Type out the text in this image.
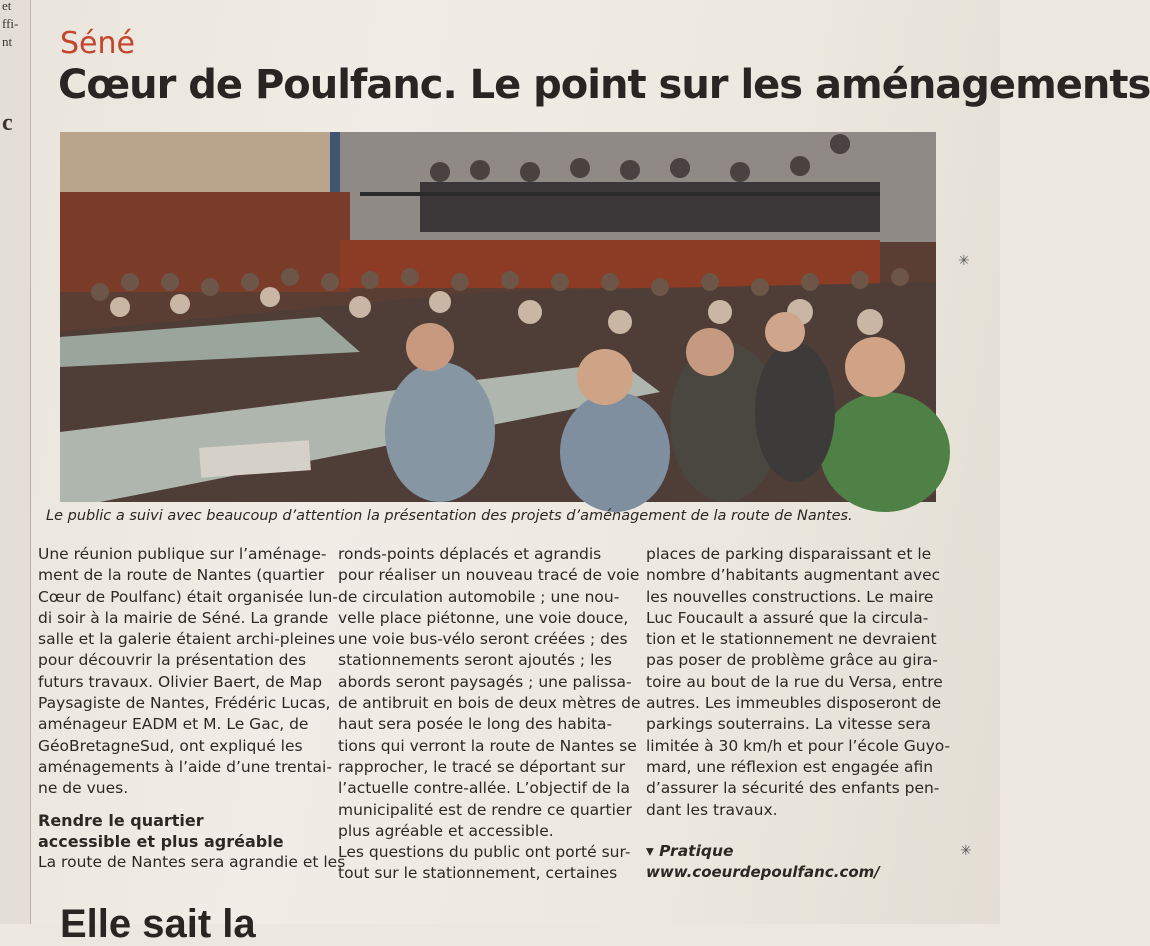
et
ffi-
nt
c
Séné
Cœur de Poulfanc. Le point sur les aménagements
Le public a suivi avec beaucoup d’attention la présentation des projets d’aménagement de la route de Nantes.
Une réunion publique sur l’aménage-
ment de la route de Nantes (quartier
Cœur de Poulfanc) était organisée lun-
di soir à la mairie de Séné. La grande
salle et la galerie étaient archi-pleines
pour découvrir la présentation des
futurs travaux. Olivier Baert, de Map
Paysagiste de Nantes, Frédéric Lucas,
aménageur EADM et M. Le Gac, de
GéoBretagneSud, ont expliqué les
aménagements à l’aide d’une trentai-
ne de vues.
Rendre le quartier
accessible et plus agréable
La route de Nantes sera agrandie et les
ronds-points déplacés et agrandis
pour réaliser un nouveau tracé de voie
de circulation automobile ; une nou-
velle place piétonne, une voie douce,
une voie bus-vélo seront créées ; des
stationnements seront ajoutés ; les
abords seront paysagés ; une palissa-
de antibruit en bois de deux mètres de
haut sera posée le long des habita-
tions qui verront la route de Nantes se
rapprocher, le tracé se déportant sur
l’actuelle contre-allée. L’objectif de la
municipalité est de rendre ce quartier
plus agréable et accessible.
Les questions du public ont porté sur-
tout sur le stationnement, certaines
places de parking disparaissant et le
nombre d’habitants augmentant avec
les nouvelles constructions. Le maire
Luc Foucault a assuré que la circula-
tion et le stationnement ne devraient
pas poser de problème grâce au gira-
toire au bout de la rue du Versa, entre
autres. Les immeubles disposeront de
parkings souterrains. La vitesse sera
limitée à 30 km/h et pour l’école Guyo-
mard, une réflexion est engagée afin
d’assurer la sécurité des enfants pen-
dant les travaux.
▾ Pratique
www.coeurdepoulfanc.com/
Elle sait la
✳
✳
